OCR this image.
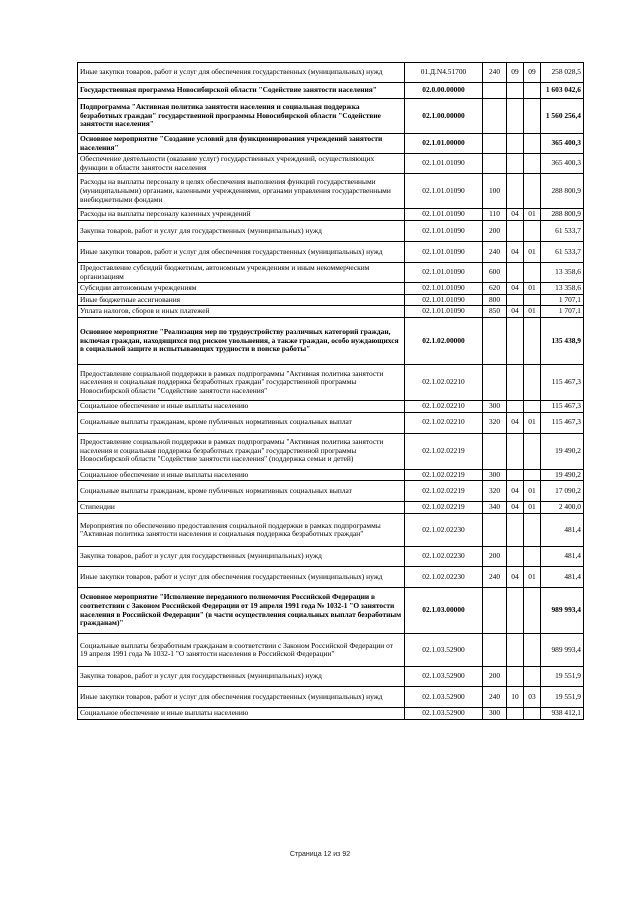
Иные закупки товаров, работ и услуг для обеспечения государственных (муниципальных) нужд	01.Д.N4.51700	240	09	09	258 028,5
Государственная программа Новосибирской области "Содействие занятости населения"	02.0.00.00000				1 603 042,6
Подпрограмма "Активная политика занятости населения и социальная поддержка безработных граждан" государственной программы Новосибирской области "Содействие занятости населения"	02.1.00.00000				1 560 256,4
Основное мероприятие "Создание условий для функционирования учреждений занятости населения"	02.1.01.00000				365 400,3
Обеспечение деятельности (оказание услуг) государственных учреждений, осуществляющих функции в области занятости населения	02.1.01.01090				365 400,3
Расходы на выплаты персоналу в целях обеспечения выполнения функций государственными (муниципальными) органами, казенными учреждениями, органами управления государственными внебюджетными фондами	02.1.01.01090	100			288 800,9
Расходы на выплаты персоналу казенных учреждений	02.1.01.01090	110	04	01	288 800,9
Закупка товаров, работ и услуг для государственных (муниципальных) нужд	02.1.01.01090	200			61 533,7
Иные закупки товаров, работ и услуг для обеспечения государственных (муниципальных) нужд	02.1.01.01090	240	04	01	61 533,7
Предоставление субсидий бюджетным, автономным учреждениям и иным некоммерческим организациям	02.1.01.01090	600			13 358,6
Субсидии автономным учреждениям	02.1.01.01090	620	04	01	13 358,6
Иные бюджетные ассигнования	02.1.01.01090	800			1 707,1
Уплата налогов, сборов и иных платежей	02.1.01.01090	850	04	01	1 707,1
Основное мероприятие "Реализация мер по трудоустройству различных категорий граждан, включая граждан, находящихся под риском увольнения, а также граждан, особо нуждающихся в социальной защите и испытывающих трудности в поиске работы"	02.1.02.00000				135 438,9
Предоставление социальной поддержки в рамках подпрограммы "Активная политика занятости населения и социальная поддержка безработных граждан" государственной программы Новосибирской области "Содействие занятости населения"	02.1.02.02210				115 467,3
Социальное обеспечение и иные выплаты населению	02.1.02.02210	300			115 467,3
Социальные выплаты гражданам, кроме публичных нормативных социальных выплат	02.1.02.02210	320	04	01	115 467,3
Предоставление социальной поддержки в рамках подпрограммы "Активная политика занятости населения и социальная поддержка безработных граждан" государственной программы Новосибирской области "Содействие занятости населения" (поддержка семьи и детей)	02.1.02.02219				19 490,2
Социальное обеспечение и иные выплаты населению	02.1.02.02219	300			19 490,2
Социальные выплаты гражданам, кроме публичных нормативных социальных выплат	02.1.02.02219	320	04	01	17 090,2
Стипендии	02.1.02.02219	340	04	01	2 400,0
Мероприятия по обеспечению предоставления социальной поддержки в рамках подпрограммы "Активная политика занятости населения и социальная поддержка безработных граждан"	02.1.02.02230				481,4
Закупка товаров, работ и услуг для государственных (муниципальных) нужд	02.1.02.02230	200			481,4
Иные закупки товаров, работ и услуг для обеспечения государственных (муниципальных) нужд	02.1.02.02230	240	04	01	481,4
Основное мероприятие "Исполнение переданного полномочия Российской Федерации в соответствии с Законом Российской Федерации от 19 апреля 1991 года № 1032-1 "О занятости населения в Российской Федерации" (в части осуществления социальных выплат безработным гражданам)"	02.1.03.00000				989 993,4
Социальные выплаты безработным гражданам в соответствии с Законом Российской Федерации от 19 апреля 1991 года № 1032-1 "О занятости населения в Российской Федерации"	02.1.03.52900				989 993,4
Закупка товаров, работ и услуг для государственных (муниципальных) нужд	02.1.03.52900	200			19 551,9
Иные закупки товаров, работ и услуг для обеспечения государственных (муниципальных) нужд	02.1.03.52900	240	10	03	19 551,9
Социальное обеспечение и иные выплаты населению	02.1.03.52900	300			938 412,1
Страница 12 из 92
